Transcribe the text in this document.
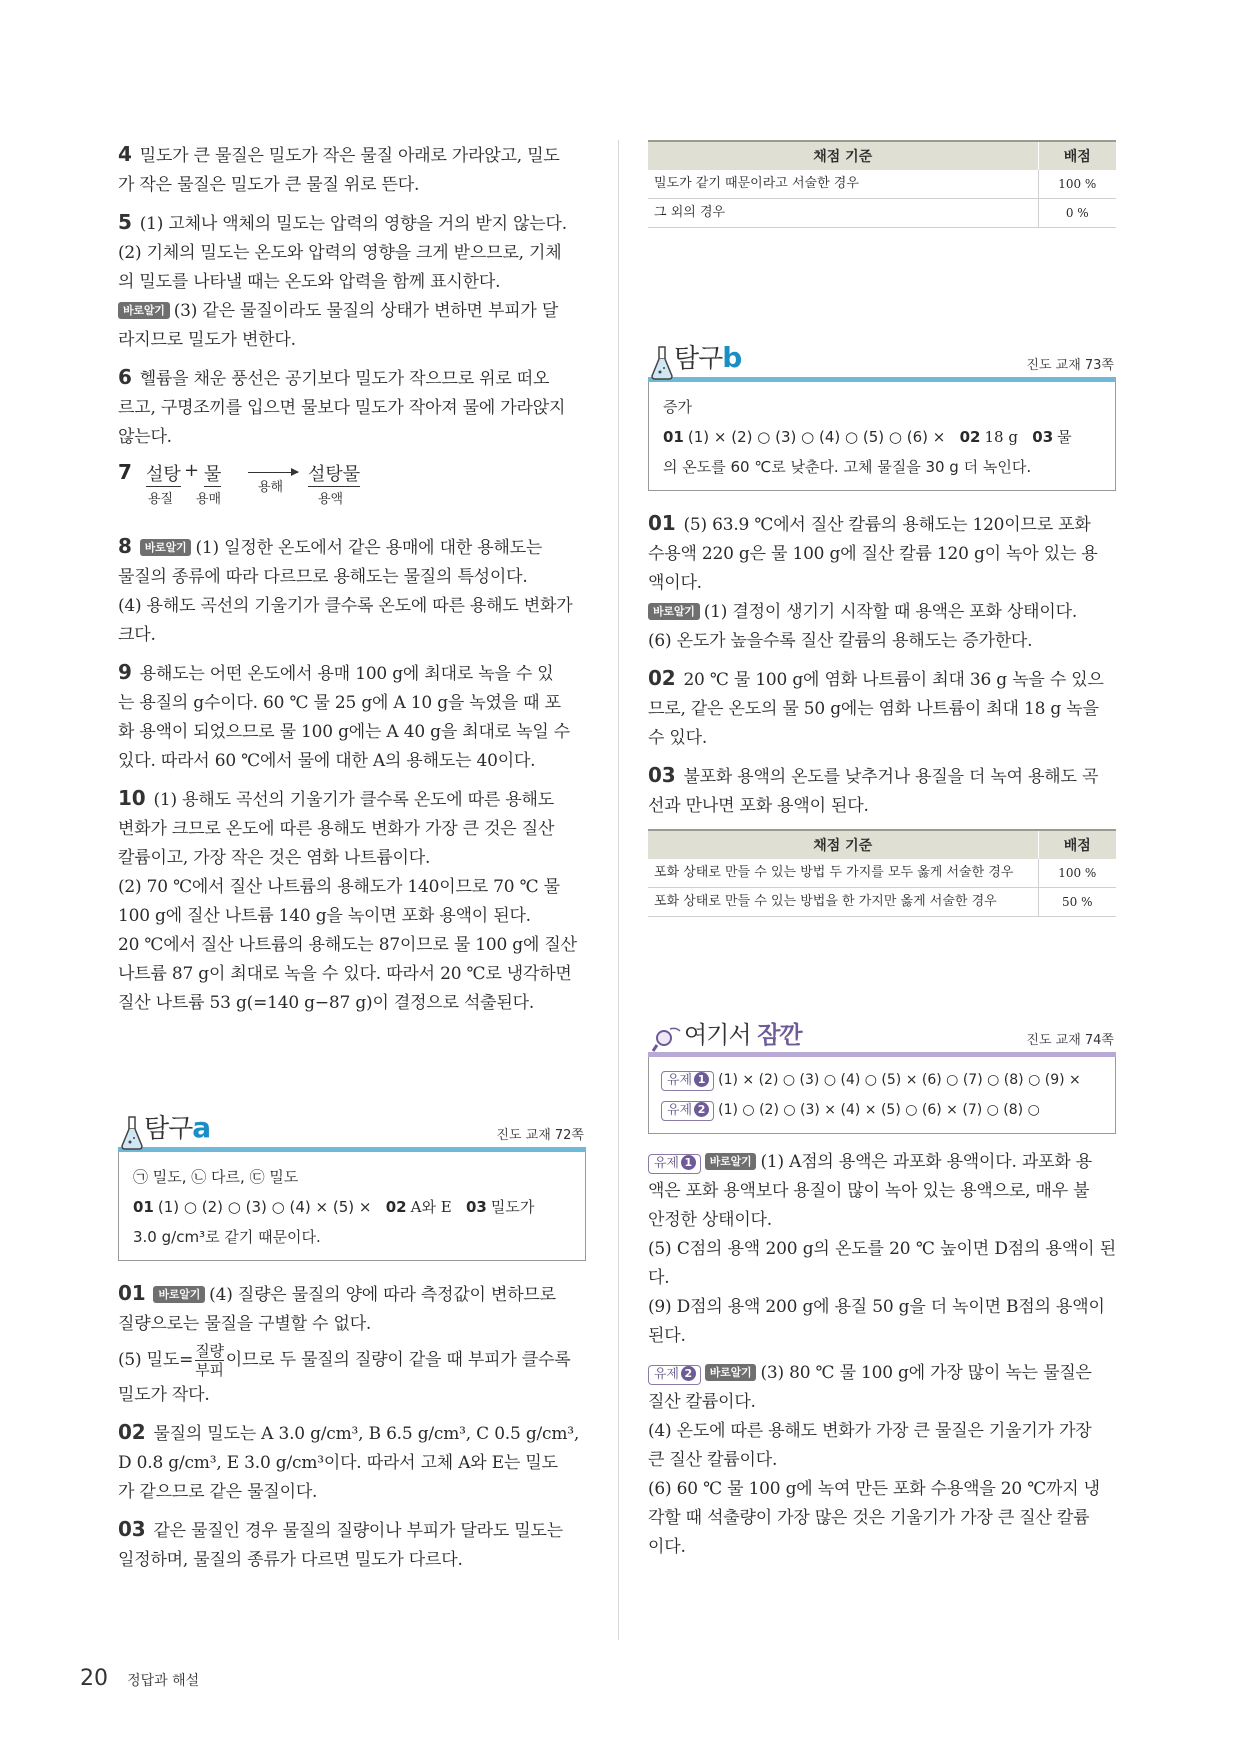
4 밀도가 큰 물질은 밀도가 작은 물질 아래로 가라앉고, 밀도
가 작은 물질은 밀도가 큰 물질 위로 뜬다.
5 (1) 고체나 액체의 밀도는 압력의 영향을 거의 받지 않는다.
(2) 기체의 밀도는 온도와 압력의 영향을 크게 받으므로, 기체
의 밀도를 나타낼 때는 온도와 압력을 함께 표시한다.
바로알기 (3) 같은 물질이라도 물질의 상태가 변하면 부피가 달
라지므로 밀도가 변한다.
6 헬륨을 채운 풍선은 공기보다 밀도가 작으므로 위로 떠오
르고, 구명조끼를 입으면 물보다 밀도가 작아져 물에 가라앉지
않는다.
7 설탕 + 물 → 설탕물
용질 용매
용해
용액
8 바로알기 (1) 일정한 온도에서 같은 용매에 대한 용해도는
물질의 종류에 따라 다르므로 용해도는 물질의 특성이다.
(4) 용해도 곡선의 기울기가 클수록 온도에 따른 용해도 변화가
크다.
9 용해도는 어떤 온도에서 용매 100 g에 최대로 녹을 수 있
는 용질의 g수이다. 60 ℃ 물 25 g에 A 10 g을 녹였을 때 포
화 용액이 되었으므로 물 100 g에는 A 40 g을 최대로 녹일 수
있다. 따라서 60 ℃에서 물에 대한 A의 용해도는 40이다.
10 (1) 용해도 곡선의 기울기가 클수록 온도에 따른 용해도
변화가 크므로 온도에 따른 용해도 변화가 가장 큰 것은 질산
칼륨이고, 가장 작은 것은 염화 나트륨이다.
(2) 70 ℃에서 질산 나트륨의 용해도가 140이므로 70 ℃ 물
100 g에 질산 나트륨 140 g을 녹이면 포화 용액이 된다.
20 ℃에서 질산 나트륨의 용해도는 87이므로 물 100 g에 질산
나트륨 87 g이 최대로 녹을 수 있다. 따라서 20 ℃로 냉각하면
질산 나트륨 53 g(=140 g−87 g)이 결정으로 석출된다.
탐구a	진도 교재 72쪽
㉠ 밀도, ㉡ 다르, ㉢ 밀도
01 (1) ○ (2) ○ (3) ○ (4) × (5) × 02 A와 E 03 밀도가
3.0 g/cm³로 같기 때문이다.
01 바로알기 (4) 질량은 물질의 양에 따라 측정값이 변하므로
질량으로는 물질을 구별할 수 없다.
(5) 밀도= $\frac{\text{질량}}{\text{부피}}$ 이므로 두 물질의 질량이 같을 때 부피가 클수록
밀도가 작다.
02 물질의 밀도는 A 3.0 g/cm³, B 6.5 g/cm³, C 0.5 g/cm³,
D 0.8 g/cm³, E 3.0 g/cm³이다. 따라서 고체 A와 E는 밀도
가 같으므로 같은 물질이다.
03 같은 물질인 경우 물질의 질량이나 부피가 달라도 밀도는
일정하며, 물질의 종류가 다르면 밀도가 다르다.
채점 기준	배점
밀도가 같기 때문이라고 서술한 경우	100 %
그 외의 경우	0 %
탐구b	진도 교재 73쪽
증가
01 (1) × (2) ○ (3) ○ (4) ○ (5) ○ (6) × 02 18 g 03 물
의 온도를 60 ℃로 낮춘다. 고체 물질을 30 g 더 녹인다.
01 (5) 63.9 ℃에서 질산 칼륨의 용해도는 120이므로 포화
수용액 220 g은 물 100 g에 질산 칼륨 120 g이 녹아 있는 용
액이다.
바로알기 (1) 결정이 생기기 시작할 때 용액은 포화 상태이다.
(6) 온도가 높을수록 질산 칼륨의 용해도는 증가한다.
02 20 ℃ 물 100 g에 염화 나트륨이 최대 36 g 녹을 수 있으
므로, 같은 온도의 물 50 g에는 염화 나트륨이 최대 18 g 녹을
수 있다.
03 불포화 용액의 온도를 낮추거나 용질을 더 녹여 용해도 곡
선과 만나면 포화 용액이 된다.
채점 기준	배점
포화 상태로 만들 수 있는 방법 두 가지를 모두 옳게 서술한 경우	100 %
포화 상태로 만들 수 있는 방법을 한 가지만 옳게 서술한 경우	50 %
여기서 잠깐	진도 교재 74쪽
유제 1 (1) × (2) ○ (3) ○ (4) ○ (5) × (6) ○ (7) ○ (8) ○ (9) ×
유제 2 (1) ○ (2) ○ (3) × (4) × (5) ○ (6) × (7) ○ (8) ○
유제 1 바로알기 (1) A점의 용액은 과포화 용액이다. 과포화 용
액은 포화 용액보다 용질이 많이 녹아 있는 용액으로, 매우 불
안정한 상태이다.
(5) C점의 용액 200 g의 온도를 20 ℃ 높이면 D점의 용액이 된다.
(9) D점의 용액 200 g에 용질 50 g을 더 녹이면 B점의 용액이
된다.
유제 2 바로알기 (3) 80 ℃ 물 100 g에 가장 많이 녹는 물질은
질산 칼륨이다.
(4) 온도에 따른 용해도 변화가 가장 큰 물질은 기울기가 가장
큰 질산 칼륨이다.
(6) 60 ℃ 물 100 g에 녹여 만든 포화 수용액을 20 ℃까지 냉
각할 때 석출량이 가장 많은 것은 기울기가 가장 큰 질산 칼륨
이다.
20 정답과 해설
